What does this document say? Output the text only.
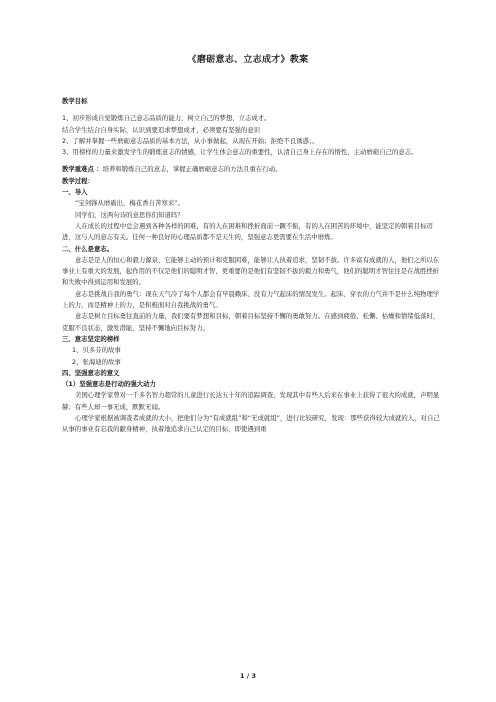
《磨砺意志、立志成才》教案

教学目标

1、初步形成自觉锻炼自己意志品质的能力，树立自己的梦想，立志成才。

结合学生结合自身实际，认识到要追求梦想成才，必须要有坚强的意识

2、了解并掌握一些磨砺意志品质的基本方法，从小事做起，从现在开始；拒绝不良诱惑；。

3、用榜样的力量来激发学生的锻炼意志的情感，让学生体会意志的重要性，认清自己身上存在的惰性，主动磨砺自己的意志。

教学重难点 ：培养和锻炼自己的意志，掌握正确磨砺意志的方法且重在行动。

教学过程：

一、导入

“宝剑锋从磨砺出，梅花香自苦寒来”。

同学们，这两句诗的意思你们知道吗？

人在成长的过程中总会遇到各种各样的困难，有的人在困难和挫折面前一蹶不振，有的人在困苦的环境中，能坚定的朝着目标迈进，这与人的意志有关。任何一种良好的心理品质都不是天生的，坚强意志更需要在生活中磨炼。

二、什么是意志。

意志是是人的恒心和毅力源泉，它能够主动的预计和克服困难，能够让人执着追求，坚韧不拔。许多富有成就的人，他们之所以在事业上有重大的发展，起作用的不仅是他们的聪明才智，更重要的是他们有坚韧不拔的毅力和勇气，他们的聪明才智往往是在战胜挫折和失败中得到运用和发展的。

意志是挑战自我的勇气：现在天气冷了每个人都会有早晨赖床、没有力气起床的情况发生。起床、穿衣的力气并不是什么纯物理学上的力，而是精神上的力，是积极面对自我挑战的勇气。

意志是树立目标勇往直前的力量，我们要有梦想和目标，朝着目标坚持不懈的勇敢努力。在感到疲倦、松懈、枯燥和情绪低落时，克服不良状态，激发潜能，坚持不懈地向目标努力。

三、意志坚定的榜样

1、贝多芬的故事

2、张海迪的故事

四、坚强意志的意义

（1）坚强意志是行动的强大动力

美国心理学家曾对一千多名智力超常的儿童进行长达五十年的追踪调查，发现其中有些人后来在事业上获得了很大的成就，声明显赫；有些人却一事无成，默默无闻。

心理学家根据被调查者成就的大小，把他们分为“有成就组”和“无成就组”，进行比较研究，发现：那些获得较大成就的人，对自己从事的事业有忘我的献身精神，执着地追求自己认定的目标，即使遇到重

1 / 3
